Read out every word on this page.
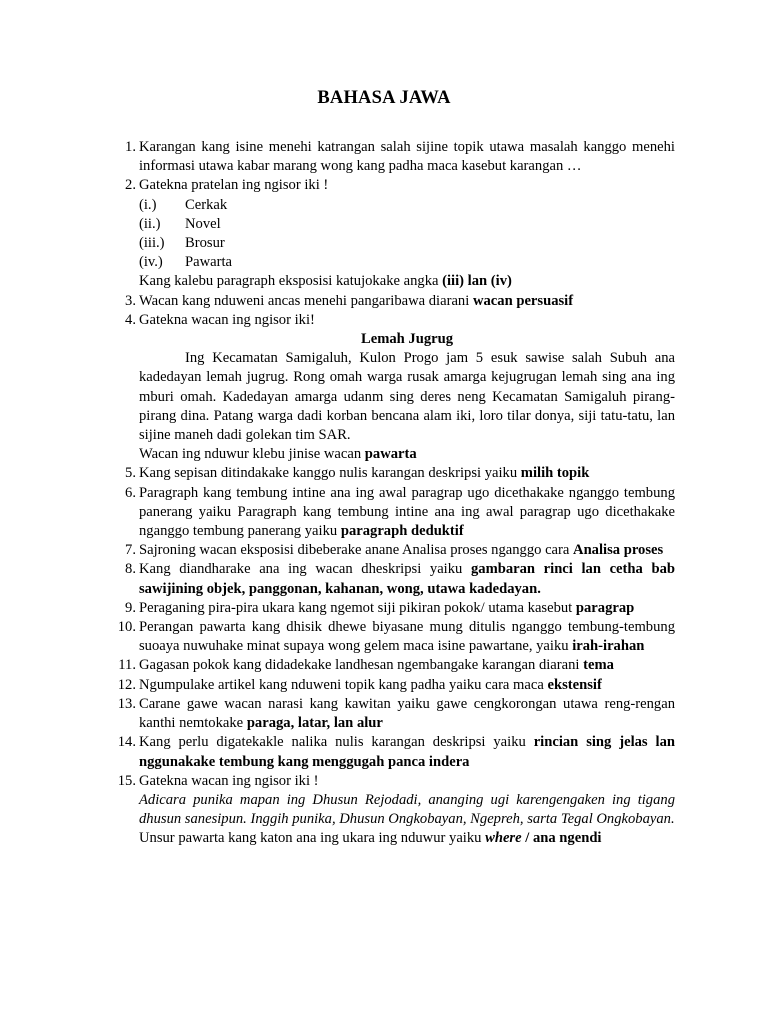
BAHASA JAWA
1. Karangan kang isine menehi katrangan salah sijine topik utawa masalah kanggo menehi informasi utawa kabar marang wong kang padha maca kasebut karangan …
2. Gatekna pratelan ing ngisor iki !
(i.) Cerkak
(ii.) Novel
(iii.) Brosur
(iv.) Pawarta
Kang kalebu paragraph eksposisi katujokake angka (iii) lan (iv)
3. Wacan kang nduweni ancas menehi pangaribawa diarani wacan persuasif
4. Gatekna wacan ing ngisor iki!
Lemah Jugrug
Ing Kecamatan Samigaluh, Kulon Progo jam 5 esuk sawise salah Subuh ana kadedayan lemah jugrug. Rong omah warga rusak amarga kejugrugan lemah sing ana ing mburi omah. Kadedayan amarga udanm sing deres neng Kecamatan Samigaluh pirang-pirang dina. Patang warga dadi korban bencana alam iki, loro tilar donya, siji tatu-tatu, lan sijine maneh dadi golekan tim SAR.
Wacan ing nduwur klebu jinise wacan pawarta
5. Kang sepisan ditindakake kanggo nulis karangan deskripsi yaiku milih topik
6. Paragraph kang tembung intine ana ing awal paragrap ugo dicethakake nganggo tembung panerang yaiku Paragraph kang tembung intine ana ing awal paragrap ugo dicethakake nganggo tembung panerang yaiku paragraph deduktif
7. Sajroning wacan eksposisi dibeberake anane Analisa proses nganggo cara Analisa proses
8. Kang diandharake ana ing wacan dheskripsi yaiku gambaran rinci lan cetha bab sawijining objek, panggonan, kahanan, wong, utawa kadedayan.
9. Peraganing pira-pira ukara kang ngemot siji pikiran pokok/ utama kasebut paragrap
10. Perangan pawarta kang dhisik dhewe biyasane mung ditulis nganggo tembung-tembung suoaya nuwuhake minat supaya wong gelem maca isine pawartane, yaiku irah-irahan
11. Gagasan pokok kang didadekake landhesan ngembangake karangan diarani tema
12. Ngumpulake artikel kang nduweni topik kang padha yaiku cara maca ekstensif
13. Carane gawe wacan narasi kang kawitan yaiku gawe cengkorongan utawa reng-rengan kanthi nemtokake paraga, latar, lan alur
14. Kang perlu digatekakle nalika nulis karangan deskripsi yaiku rincian sing jelas lan nggunakake tembung kang menggugah panca indera
15. Gatekna wacan ing ngisor iki !
Adicara punika mapan ing Dhusun Rejodadi, ananging ugi karengengaken ing tigang dhusun sanesipun. Inggih punika, Dhusun Ongkobayan, Ngepreh, sarta Tegal Ongkobayan.
Unsur pawarta kang katon ana ing ukara ing nduwur yaiku where / ana ngendi
